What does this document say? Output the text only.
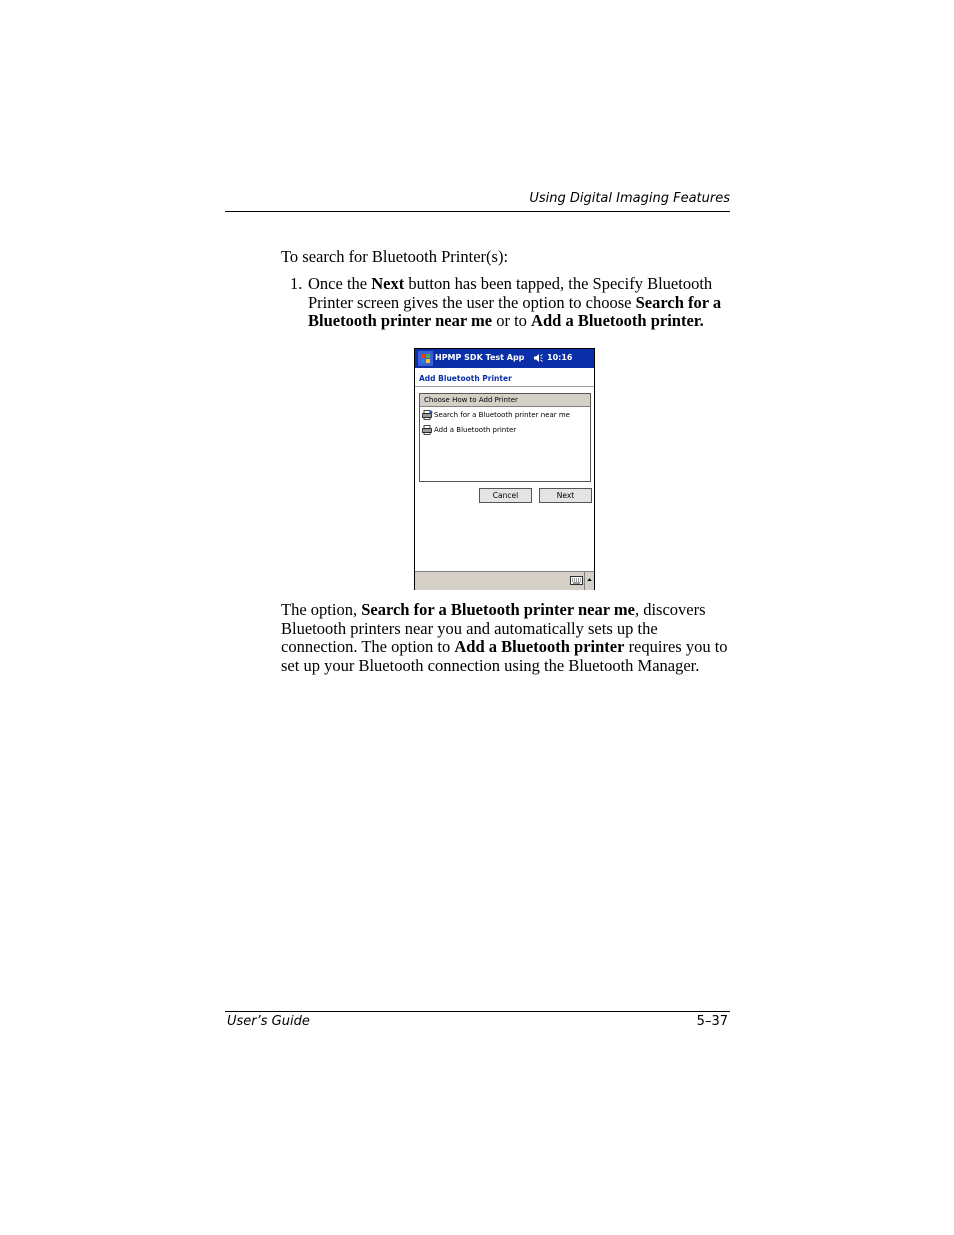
Using Digital Imaging Features
To search for Bluetooth Printer(s):
1. Once the Next button has been tapped, the Specify Bluetooth Printer screen gives the user the option to choose Search for a Bluetooth printer near me or to Add a Bluetooth printer.
HPMP SDK Test App	10:16
Add Bluetooth Printer
Choose How to Add Printer
Search for a Bluetooth printer near me
Add a Bluetooth printer
Cancel	Next
The option, Search for a Bluetooth printer near me, discovers Bluetooth printers near you and automatically sets up the connection. The option to Add a Bluetooth printer requires you to set up your Bluetooth connection using the Bluetooth Manager.
User’s Guide	5–37
